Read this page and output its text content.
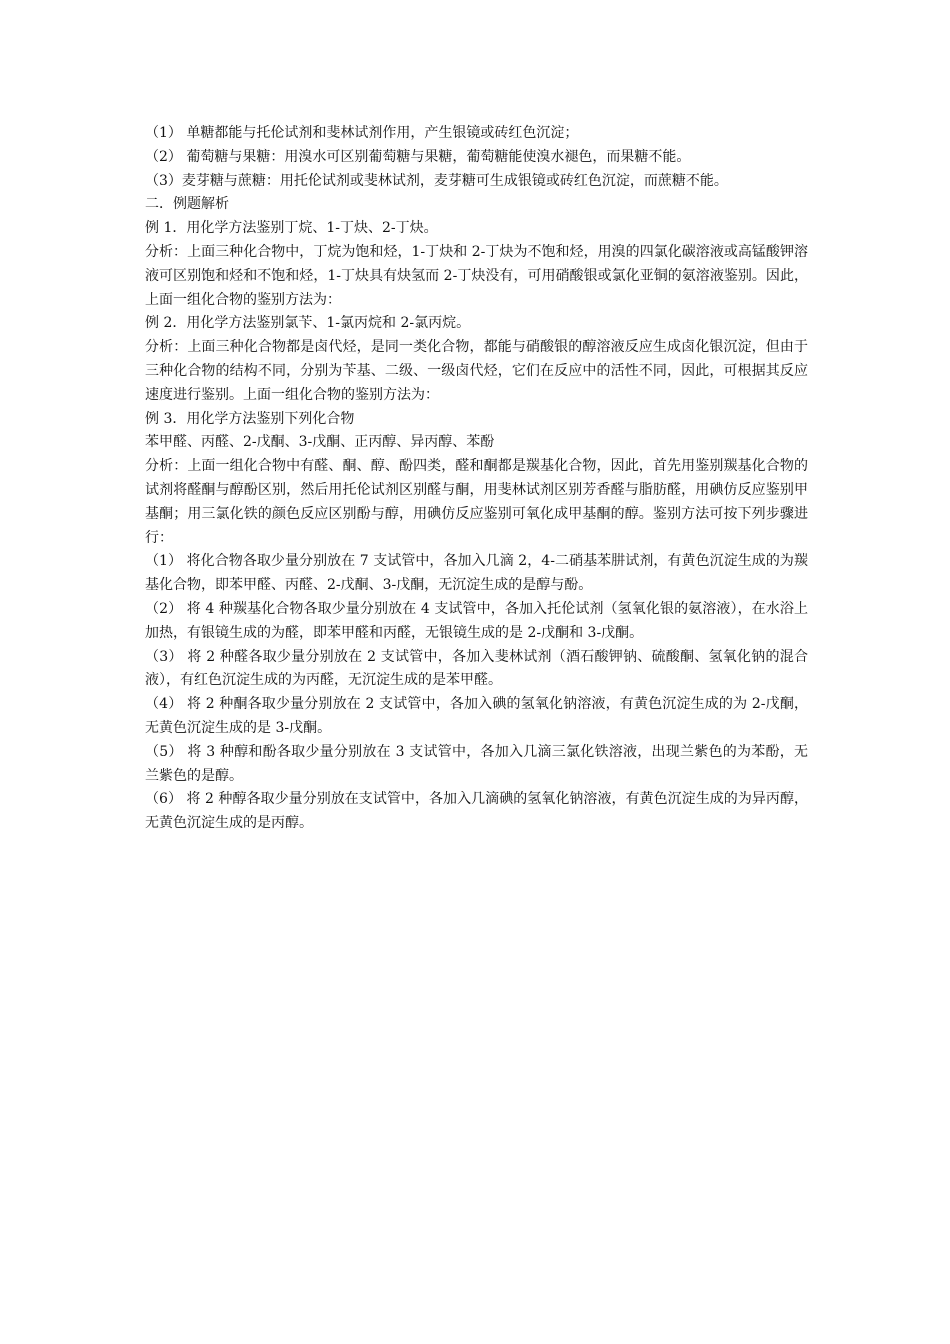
（1） 单糖都能与托伦试剂和斐林试剂作用，产生银镜或砖红色沉淀；

（2） 葡萄糖与果糖：用溴水可区别葡萄糖与果糖，葡萄糖能使溴水褪色，而果糖不能。

（3）麦芽糖与蔗糖：用托伦试剂或斐林试剂，麦芽糖可生成银镜或砖红色沉淀，而蔗糖不能。

二．例题解析

例 1．用化学方法鉴别丁烷、1-丁炔、2-丁炔。

分析：上面三种化合物中，丁烷为饱和烃，1-丁炔和 2-丁炔为不饱和烃，用溴的四氯化碳溶液或高锰酸钾溶液可区别饱和烃和不饱和烃，1-丁炔具有炔氢而 2-丁炔没有，可用硝酸银或氯化亚铜的氨溶液鉴别。因此，上面一组化合物的鉴别方法为：

例 2．用化学方法鉴别氯苄、1-氯丙烷和 2-氯丙烷。

分析：上面三种化合物都是卤代烃，是同一类化合物，都能与硝酸银的醇溶液反应生成卤化银沉淀，但由于三种化合物的结构不同，分别为苄基、二级、一级卤代烃，它们在反应中的活性不同，因此，可根据其反应速度进行鉴别。上面一组化合物的鉴别方法为：

例 3．用化学方法鉴别下列化合物

苯甲醛、丙醛、2-戊酮、3-戊酮、正丙醇、异丙醇、苯酚

分析：上面一组化合物中有醛、酮、醇、酚四类，醛和酮都是羰基化合物，因此，首先用鉴别羰基化合物的试剂将醛酮与醇酚区别，然后用托伦试剂区别醛与酮，用斐林试剂区别芳香醛与脂肪醛，用碘仿反应鉴别甲基酮；用三氯化铁的颜色反应区别酚与醇，用碘仿反应鉴别可氧化成甲基酮的醇。鉴别方法可按下列步骤进行：

（1） 将化合物各取少量分别放在 7 支试管中，各加入几滴 2，4-二硝基苯肼试剂，有黄色沉淀生成的为羰基化合物，即苯甲醛、丙醛、2-戊酮、3-戊酮，无沉淀生成的是醇与酚。

（2） 将 4 种羰基化合物各取少量分别放在 4 支试管中，各加入托伦试剂（氢氧化银的氨溶液），在水浴上加热，有银镜生成的为醛，即苯甲醛和丙醛，无银镜生成的是 2-戊酮和 3-戊酮。

（3） 将 2 种醛各取少量分别放在 2 支试管中，各加入斐林试剂（酒石酸钾钠、硫酸酮、氢氧化钠的混合液），有红色沉淀生成的为丙醛，无沉淀生成的是苯甲醛。

（4） 将 2 种酮各取少量分别放在 2 支试管中，各加入碘的氢氧化钠溶液，有黄色沉淀生成的为 2-戊酮，无黄色沉淀生成的是 3-戊酮。

（5） 将 3 种醇和酚各取少量分别放在 3 支试管中，各加入几滴三氯化铁溶液，出现兰紫色的为苯酚，无兰紫色的是醇。

（6） 将 2 种醇各取少量分别放在支试管中，各加入几滴碘的氢氧化钠溶液，有黄色沉淀生成的为异丙醇，无黄色沉淀生成的是丙醇。
